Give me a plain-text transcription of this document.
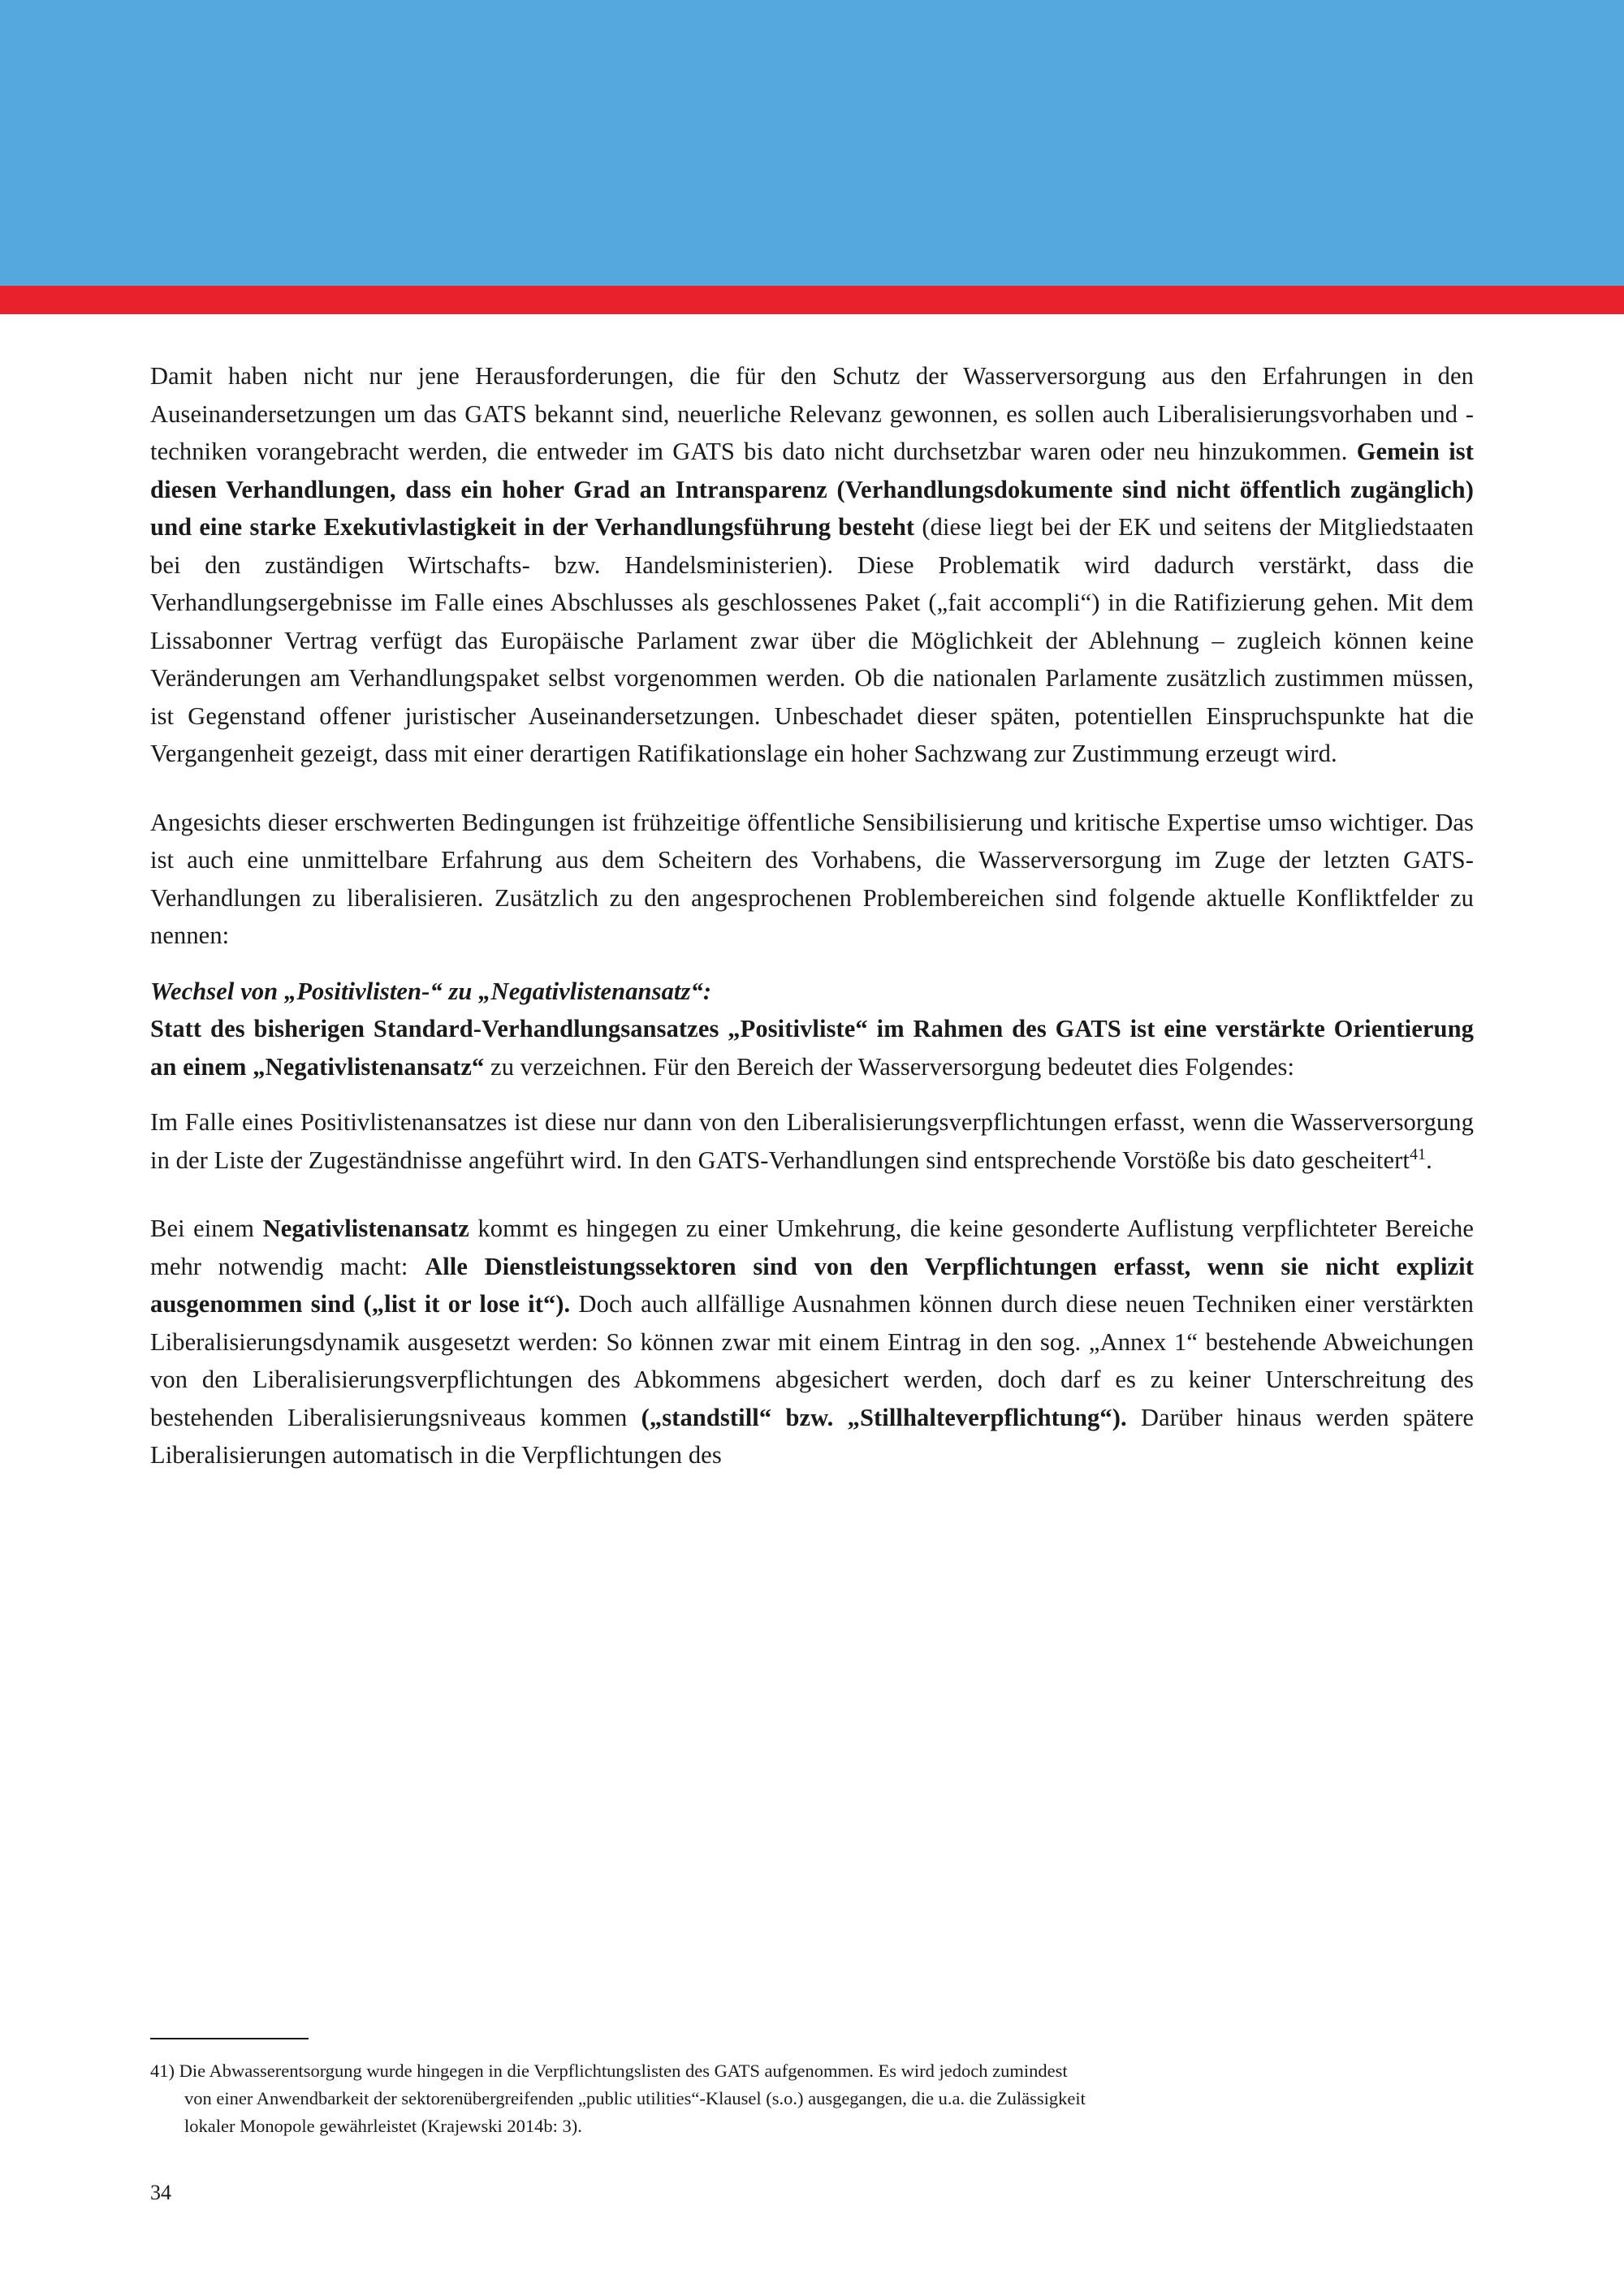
Damit haben nicht nur jene Herausforderungen, die für den Schutz der Wasserversorgung aus den Erfahrungen in den Auseinandersetzungen um das GATS bekannt sind, neuerliche Relevanz gewonnen, es sollen auch Liberalisierungsvorhaben und -techniken vorangebracht werden, die entweder im GATS bis dato nicht durchsetzbar waren oder neu hinzukommen. Gemein ist diesen Verhandlungen, dass ein hoher Grad an Intransparenz (Verhandlungsdokumente sind nicht öffentlich zugänglich) und eine starke Exekutivlastigkeit in der Verhandlungsführung besteht (diese liegt bei der EK und seitens der Mitgliedstaaten bei den zuständigen Wirtschafts- bzw. Handelsministerien). Diese Problematik wird dadurch verstärkt, dass die Verhandlungsergebnisse im Falle eines Abschlusses als geschlossenes Paket („fait accompli“) in die Ratifizierung gehen. Mit dem Lissabonner Vertrag verfügt das Europäische Parlament zwar über die Möglichkeit der Ablehnung – zugleich können keine Veränderungen am Verhandlungspaket selbst vorgenommen werden. Ob die nationalen Parlamente zusätzlich zustimmen müssen, ist Gegenstand offener juristischer Auseinandersetzungen. Unbeschadet dieser späten, potentiellen Einspruchspunkte hat die Vergangenheit gezeigt, dass mit einer derartigen Ratifikationslage ein hoher Sachzwang zur Zustimmung erzeugt wird.

Angesichts dieser erschwerten Bedingungen ist frühzeitige öffentliche Sensibilisierung und kritische Expertise umso wichtiger. Das ist auch eine unmittelbare Erfahrung aus dem Scheitern des Vorhabens, die Wasserversorgung im Zuge der letzten GATS-Verhandlungen zu liberalisieren. Zusätzlich zu den angesprochenen Problembereichen sind folgende aktuelle Konfliktfelder zu nennen:

Wechsel von „Positivlisten-“ zu „Negativlistenansatz“:

Statt des bisherigen Standard-Verhandlungsansatzes „Positivliste“ im Rahmen des GATS ist eine verstärkte Orientierung an einem „Negativlistenansatz“ zu verzeichnen. Für den Bereich der Wasserversorgung bedeutet dies Folgendes:

Im Falle eines Positivlistenansatzes ist diese nur dann von den Liberalisierungsverpflichtungen erfasst, wenn die Wasserversorgung in der Liste der Zugeständnisse angeführt wird. In den GATS-Verhandlungen sind entsprechende Vorstöße bis dato gescheitert$^{41}$.

Bei einem Negativlistenansatz kommt es hingegen zu einer Umkehrung, die keine gesonderte Auflistung verpflichteter Bereiche mehr notwendig macht: Alle Dienstleistungssektoren sind von den Verpflichtungen erfasst, wenn sie nicht explizit ausgenommen sind („list it or lose it“). Doch auch allfällige Ausnahmen können durch diese neuen Techniken einer verstärkten Liberalisierungsdynamik ausgesetzt werden: So können zwar mit einem Eintrag in den sog. „Annex 1“ bestehende Abweichungen von den Liberalisierungsverpflichtungen des Abkommens abgesichert werden, doch darf es zu keiner Unterschreitung des bestehenden Liberalisierungsniveaus kommen („standstill“ bzw. „Stillhalteverpflichtung“). Darüber hinaus werden spätere Liberalisierungen automatisch in die Verpflichtungen des

41) Die Abwasserentsorgung wurde hingegen in die Verpflichtungslisten des GATS aufgenommen. Es wird jedoch zumindest
von einer Anwendbarkeit der sektorenübergreifenden „public utilities“-Klausel (s.o.) ausgegangen, die u.a. die Zulässigkeit
lokaler Monopole gewährleistet (Krajewski 2014b: 3).
34
